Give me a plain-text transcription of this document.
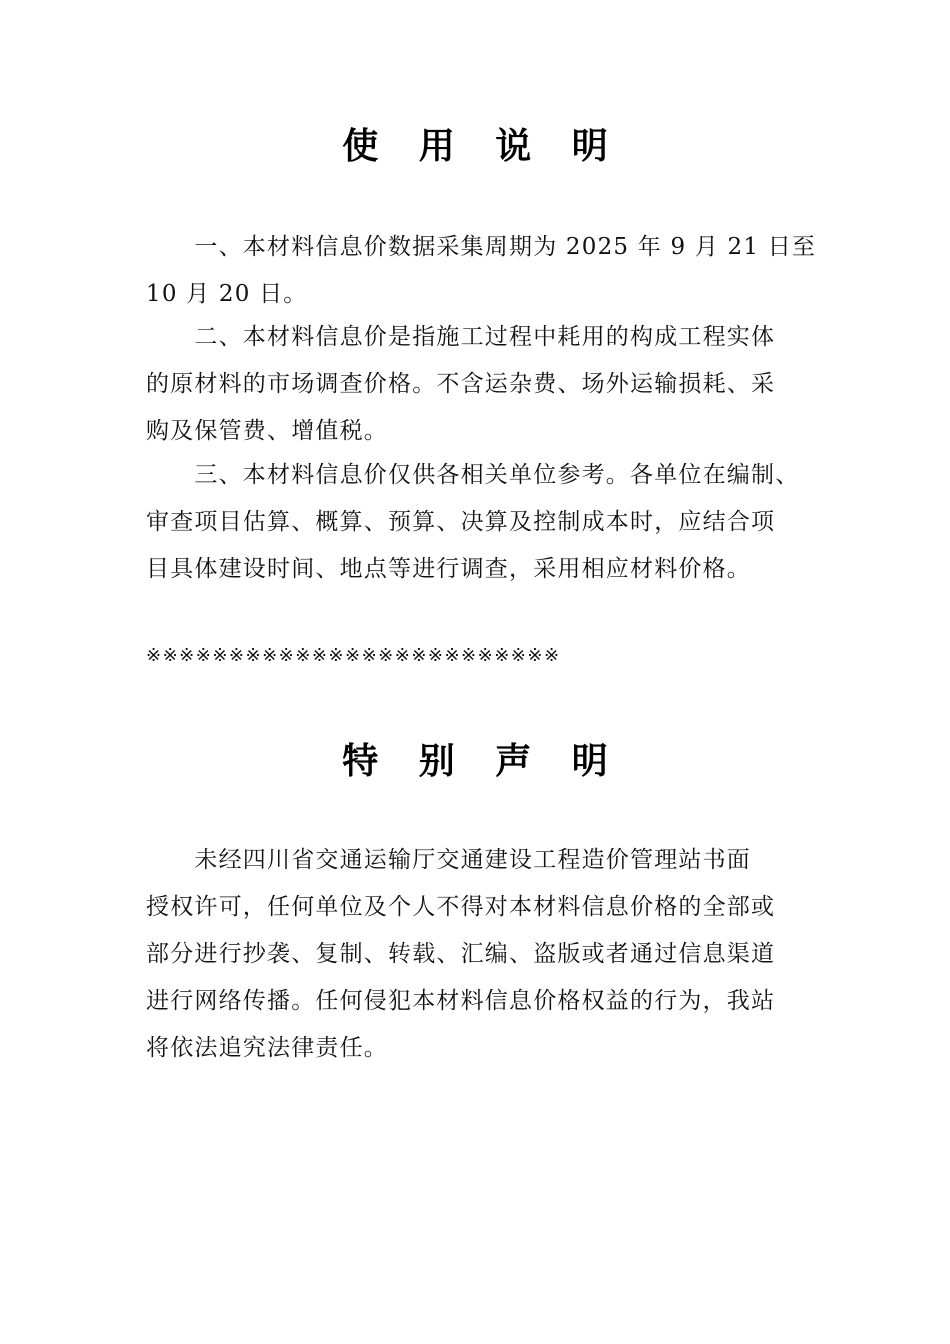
使 用 说 明

　　一、本材料信息价数据采集周期为 2025 年 9 月 21 日至
10 月 20 日。

　　二、本材料信息价是指施工过程中耗用的构成工程实体
的原材料的市场调查价格。不含运杂费、场外运输损耗、采
购及保管费、增值税。

　　三、本材料信息价仅供各相关单位参考。各单位在编制、
审查项目估算、概算、预算、决算及控制成本时，应结合项
目具体建设时间、地点等进行调查，采用相应材料价格。

※※※※※※※※※※※※※※※※※※※※※※※※※
特 别 声 明

　　未经四川省交通运输厅交通建设工程造价管理站书面
授权许可，任何单位及个人不得对本材料信息价格的全部或
部分进行抄袭、复制、转载、汇编、盗版或者通过信息渠道
进行网络传播。任何侵犯本材料信息价格权益的行为，我站
将依法追究法律责任。
